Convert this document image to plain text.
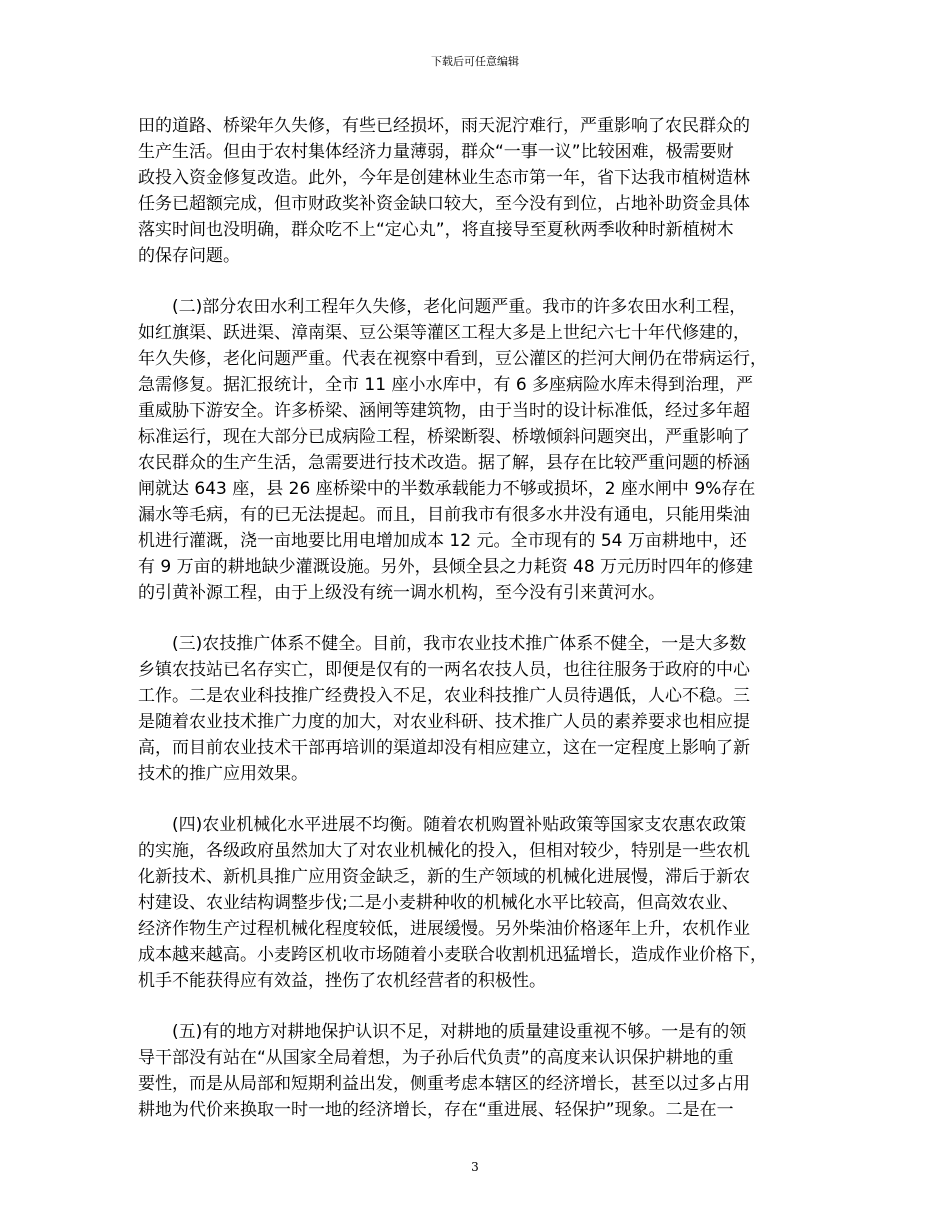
下载后可任意编辑

田的道路、桥梁年久失修，有些已经损坏，雨天泥泞难行，严重影响了农民群众的
生产生活。但由于农村集体经济力量薄弱，群众“一事一议”比较困难，极需要财
政投入资金修复改造。此外，今年是创建林业生态市第一年，省下达我市植树造林
任务已超额完成，但市财政奖补资金缺口较大，至今没有到位，占地补助资金具体
落实时间也没明确，群众吃不上“定心丸”，将直接导至夏秋两季收种时新植树木
的保存问题。

(二)部分农田水利工程年久失修，老化问题严重。我市的许多农田水利工程，
如红旗渠、跃进渠、漳南渠、豆公渠等灌区工程大多是上世纪六七十年代修建的，
年久失修，老化问题严重。代表在视察中看到，豆公灌区的拦河大闸仍在带病运行，
急需修复。据汇报统计，全市 11 座小水库中，有 6 多座病险水库未得到治理，严
重威胁下游安全。许多桥梁、涵闸等建筑物，由于当时的设计标准低，经过多年超
标准运行，现在大部分已成病险工程，桥梁断裂、桥墩倾斜问题突出，严重影响了
农民群众的生产生活，急需要进行技术改造。据了解，县存在比较严重问题的桥涵
闸就达 643 座，县 26 座桥梁中的半数承载能力不够或损坏，2 座水闸中 9%存在
漏水等毛病，有的已无法提起。而且，目前我市有很多水井没有通电，只能用柴油
机进行灌溉，浇一亩地要比用电增加成本 12 元。全市现有的 54 万亩耕地中，还
有 9 万亩的耕地缺少灌溉设施。另外，县倾全县之力耗资 48 万元历时四年的修建
的引黄补源工程，由于上级没有统一调水机构，至今没有引来黄河水。

(三)农技推广体系不健全。目前，我市农业技术推广体系不健全，一是大多数
乡镇农技站已名存实亡，即便是仅有的一两名农技人员，也往往服务于政府的中心
工作。二是农业科技推广经费投入不足，农业科技推广人员待遇低，人心不稳。三
是随着农业技术推广力度的加大，对农业科研、技术推广人员的素养要求也相应提
高，而目前农业技术干部再培训的渠道却没有相应建立，这在一定程度上影响了新
技术的推广应用效果。

(四)农业机械化水平进展不均衡。随着农机购置补贴政策等国家支农惠农政策
的实施，各级政府虽然加大了对农业机械化的投入，但相对较少，特别是一些农机
化新技术、新机具推广应用资金缺乏，新的生产领域的机械化进展慢，滞后于新农
村建设、农业结构调整步伐;二是小麦耕种收的机械化水平比较高，但高效农业、
经济作物生产过程机械化程度较低，进展缓慢。另外柴油价格逐年上升，农机作业
成本越来越高。小麦跨区机收市场随着小麦联合收割机迅猛增长，造成作业价格下，
机手不能获得应有效益，挫伤了农机经营者的积极性。

(五)有的地方对耕地保护认识不足，对耕地的质量建设重视不够。一是有的领
导干部没有站在“从国家全局着想，为子孙后代负责”的高度来认识保护耕地的重
要性，而是从局部和短期利益出发，侧重考虑本辖区的经济增长，甚至以过多占用
耕地为代价来换取一时一地的经济增长，存在“重进展、轻保护”现象。二是在一

3
